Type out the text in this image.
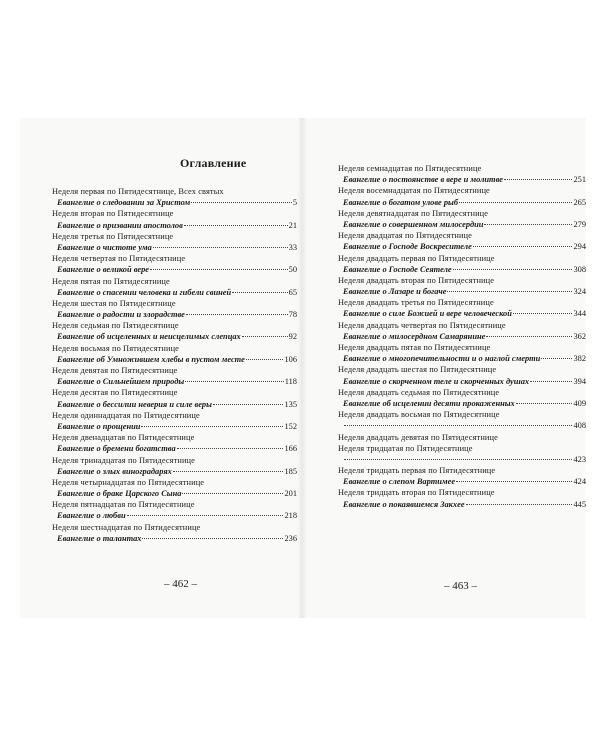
Оглавление
Неделя первая по Пятидесятнице, Всех святых
Евангелие о следовании за Христом	5
Неделя вторая по Пятидесятнице
Евангелие о призвании апостолов	21
Неделя третья по Пятидесятнице
Евангелие о чистоте ума	33
Неделя четвертая по Пятидесятнице
Евангелие о великой вере	50
Неделя пятая по Пятидесятнице
Евангелие о спасении человека и гибели свиней	65
Неделя шестая по Пятидесятнице
Евангелие о радости и злорадстве	78
Неделя седьмая по Пятидесятнице
Евангелие об исцеленных и неисцелимых слепцах	92
Неделя восьмая по Пятидесятнице
Евангелие об Умножившем хлебы в пустом месте	106
Неделя девятая по Пятидесятнице
Евангелие о Сильнейшем природы	118
Неделя десятая по Пятидесятнице
Евангелие о бессилии неверия и силе веры	135
Неделя одиннадцатая по Пятидесятнице
Евангелие о прощении	152
Неделя двенадцатая по Пятидесятнице
Евангелие о бремени богатства	166
Неделя тринадцатая по Пятидесятнице
Евангелие о злых виноградарях	185
Неделя четырнадцатая по Пятидесятнице
Евангелие о браке Царского Сына	201
Неделя пятнадцатая по Пятидесятнице
Евангелие о любви	218
Неделя шестнадцатая по Пятидесятнице
Евангелие о талантах	236
– 462 –
Неделя семнадцатая по Пятидесятнице
Евангелие о постоянстве в вере и молитве	251
Неделя восемнадцатая по Пятидесятнице
Евангелие о богатом улове рыб	265
Неделя девятнадцатая по Пятидесятнице
Евангелие о совершенном милосердии	279
Неделя двадцатая по Пятидесятнице
Евангелие о Господе Воскресителе	294
Неделя двадцать первая по Пятидесятнице
Евангелие о Господе Сеятеле	308
Неделя двадцать вторая по Пятидесятнице
Евангелие о Лазаре и богаче	324
Неделя двадцать третья по Пятидесятнице
Евангелие о силе Божией и вере человеческой	344
Неделя двадцать четвертая по Пятидесятнице
Евангелие о милосердном Самарянине	362
Неделя двадцать пятая по Пятидесятнице
Евангелие о многопечительности и о наглой смерти	382
Неделя двадцать шестая по Пятидесятнице
Евангелие о скорченном теле и скорченных душах	394
Неделя двадцать седьмая по Пятидесятнице
Евангелие об исцелении десяти прокаженных	409
Неделя двадцать восьмая по Пятидесятнице
408
Неделя двадцать девятая по Пятидесятнице
Неделя тридцатая по Пятидесятнице
423
Неделя тридцать первая по Пятидесятнице
Евангелие о слепом Вартимее	424
Неделя тридцать вторая по Пятидесятнице
Евангелие о покаявшемся Закхее	445
– 463 –
